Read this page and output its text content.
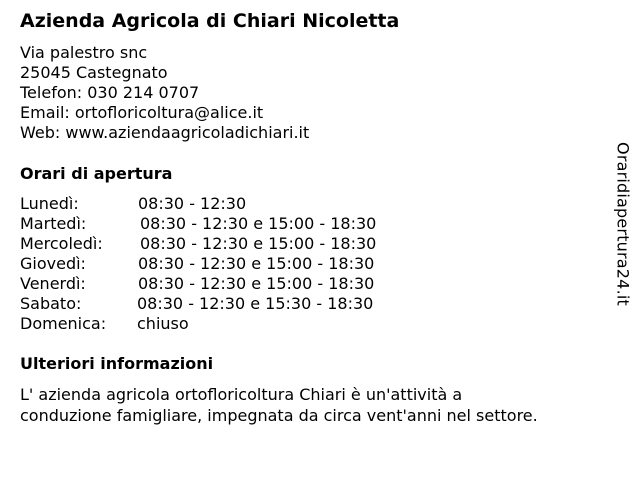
Azienda Agricola di Chiari Nicoletta
Via palestro snc
25045 Castegnato
Telefon: 030 214 0707
Email: ortofloricoltura@alice.it
Web: www.aziendaagricoladichiari.it
Orari di apertura
Lunedì:	08:30 - 12:30
Martedì:	08:30 - 12:30 e 15:00 - 18:30
Mercoledì: 08:30 - 12:30 e 15:00 - 18:30
Giovedì:	08:30 - 12:30 e 15:00 - 18:30
Venerdì:	08:30 - 12:30 e 15:00 - 18:30
Sabato:	08:30 - 12:30 e 15:30 - 18:30
Domenica: chiuso
Ulteriori informazioni
L' azienda agricola ortofloricoltura Chiari è un'attività a
conduzione famigliare, impegnata da circa vent'anni nel settore.
Oraridiapertura24.it
